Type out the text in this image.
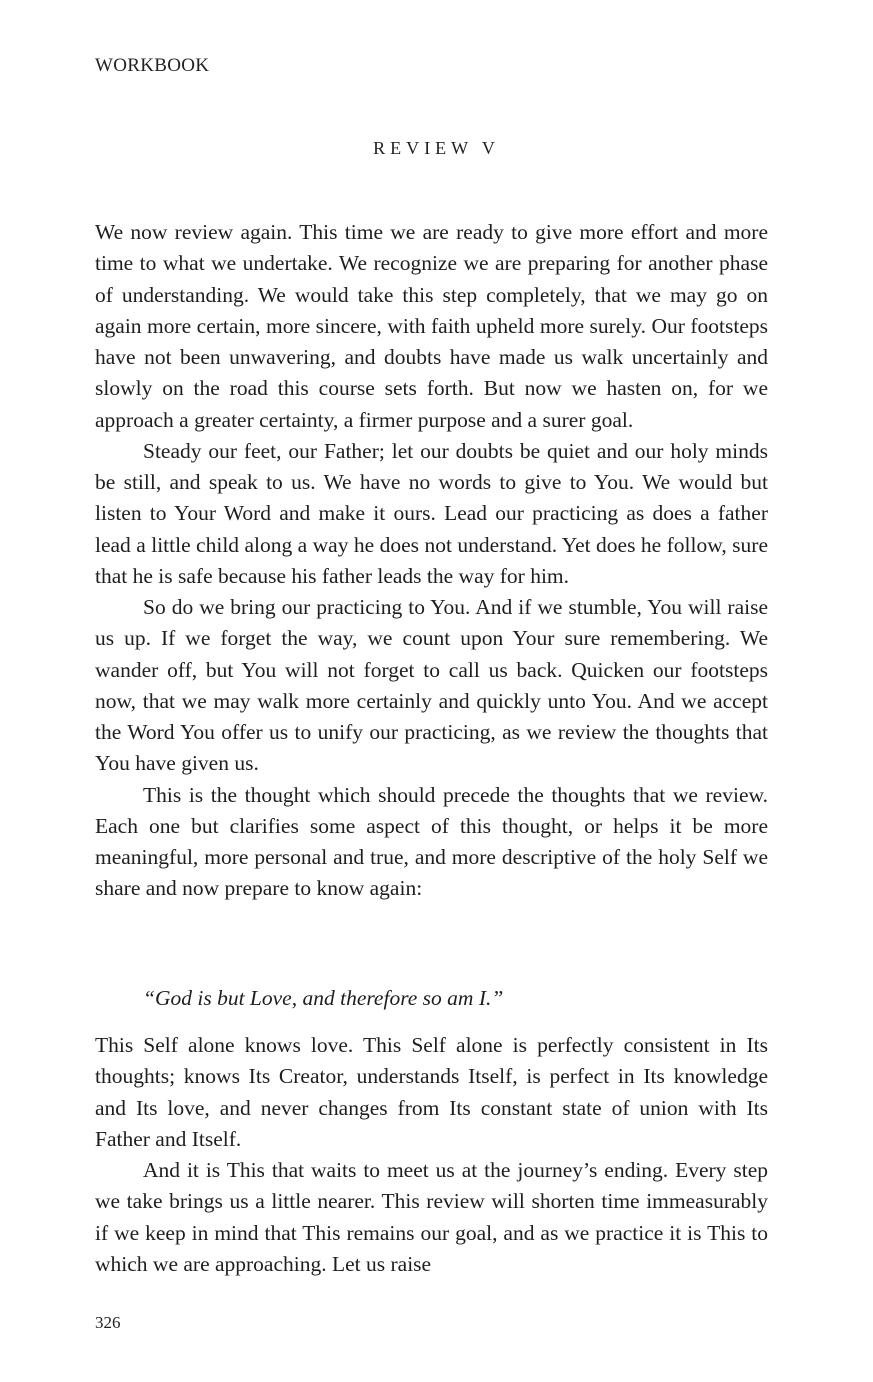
WORKBOOK
REVIEW V

We now review again. This time we are ready to give more effort and more time to what we undertake. We recognize we are preparing for another phase of understanding. We would take this step completely, that we may go on again more certain, more sincere, with faith upheld more surely. Our footsteps have not been unwavering, and doubts have made us walk uncertainly and slowly on the road this course sets forth. But now we hasten on, for we approach a greater certainty, a firmer purpose and a surer goal.

Steady our feet, our Father; let our doubts be quiet and our holy minds be still, and speak to us. We have no words to give to You. We would but listen to Your Word and make it ours. Lead our practicing as does a father lead a little child along a way he does not understand. Yet does he follow, sure that he is safe because his father leads the way for him.

So do we bring our practicing to You. And if we stumble, You will raise us up. If we forget the way, we count upon Your sure remembering. We wander off, but You will not forget to call us back. Quicken our footsteps now, that we may walk more certainly and quickly unto You. And we accept the Word You offer us to unify our practicing, as we review the thoughts that You have given us.

This is the thought which should precede the thoughts that we review. Each one but clarifies some aspect of this thought, or helps it be more meaningful, more personal and true, and more descriptive of the holy Self we share and now prepare to know again:

“God is but Love, and therefore so am I.”

This Self alone knows love. This Self alone is perfectly consistent in Its thoughts; knows Its Creator, understands Itself, is perfect in Its knowledge and Its love, and never changes from Its constant state of union with Its Father and Itself.

And it is This that waits to meet us at the journey’s ending. Every step we take brings us a little nearer. This review will shorten time immeasurably if we keep in mind that This remains our goal, and as we practice it is This to which we are approaching. Let us raise

326
